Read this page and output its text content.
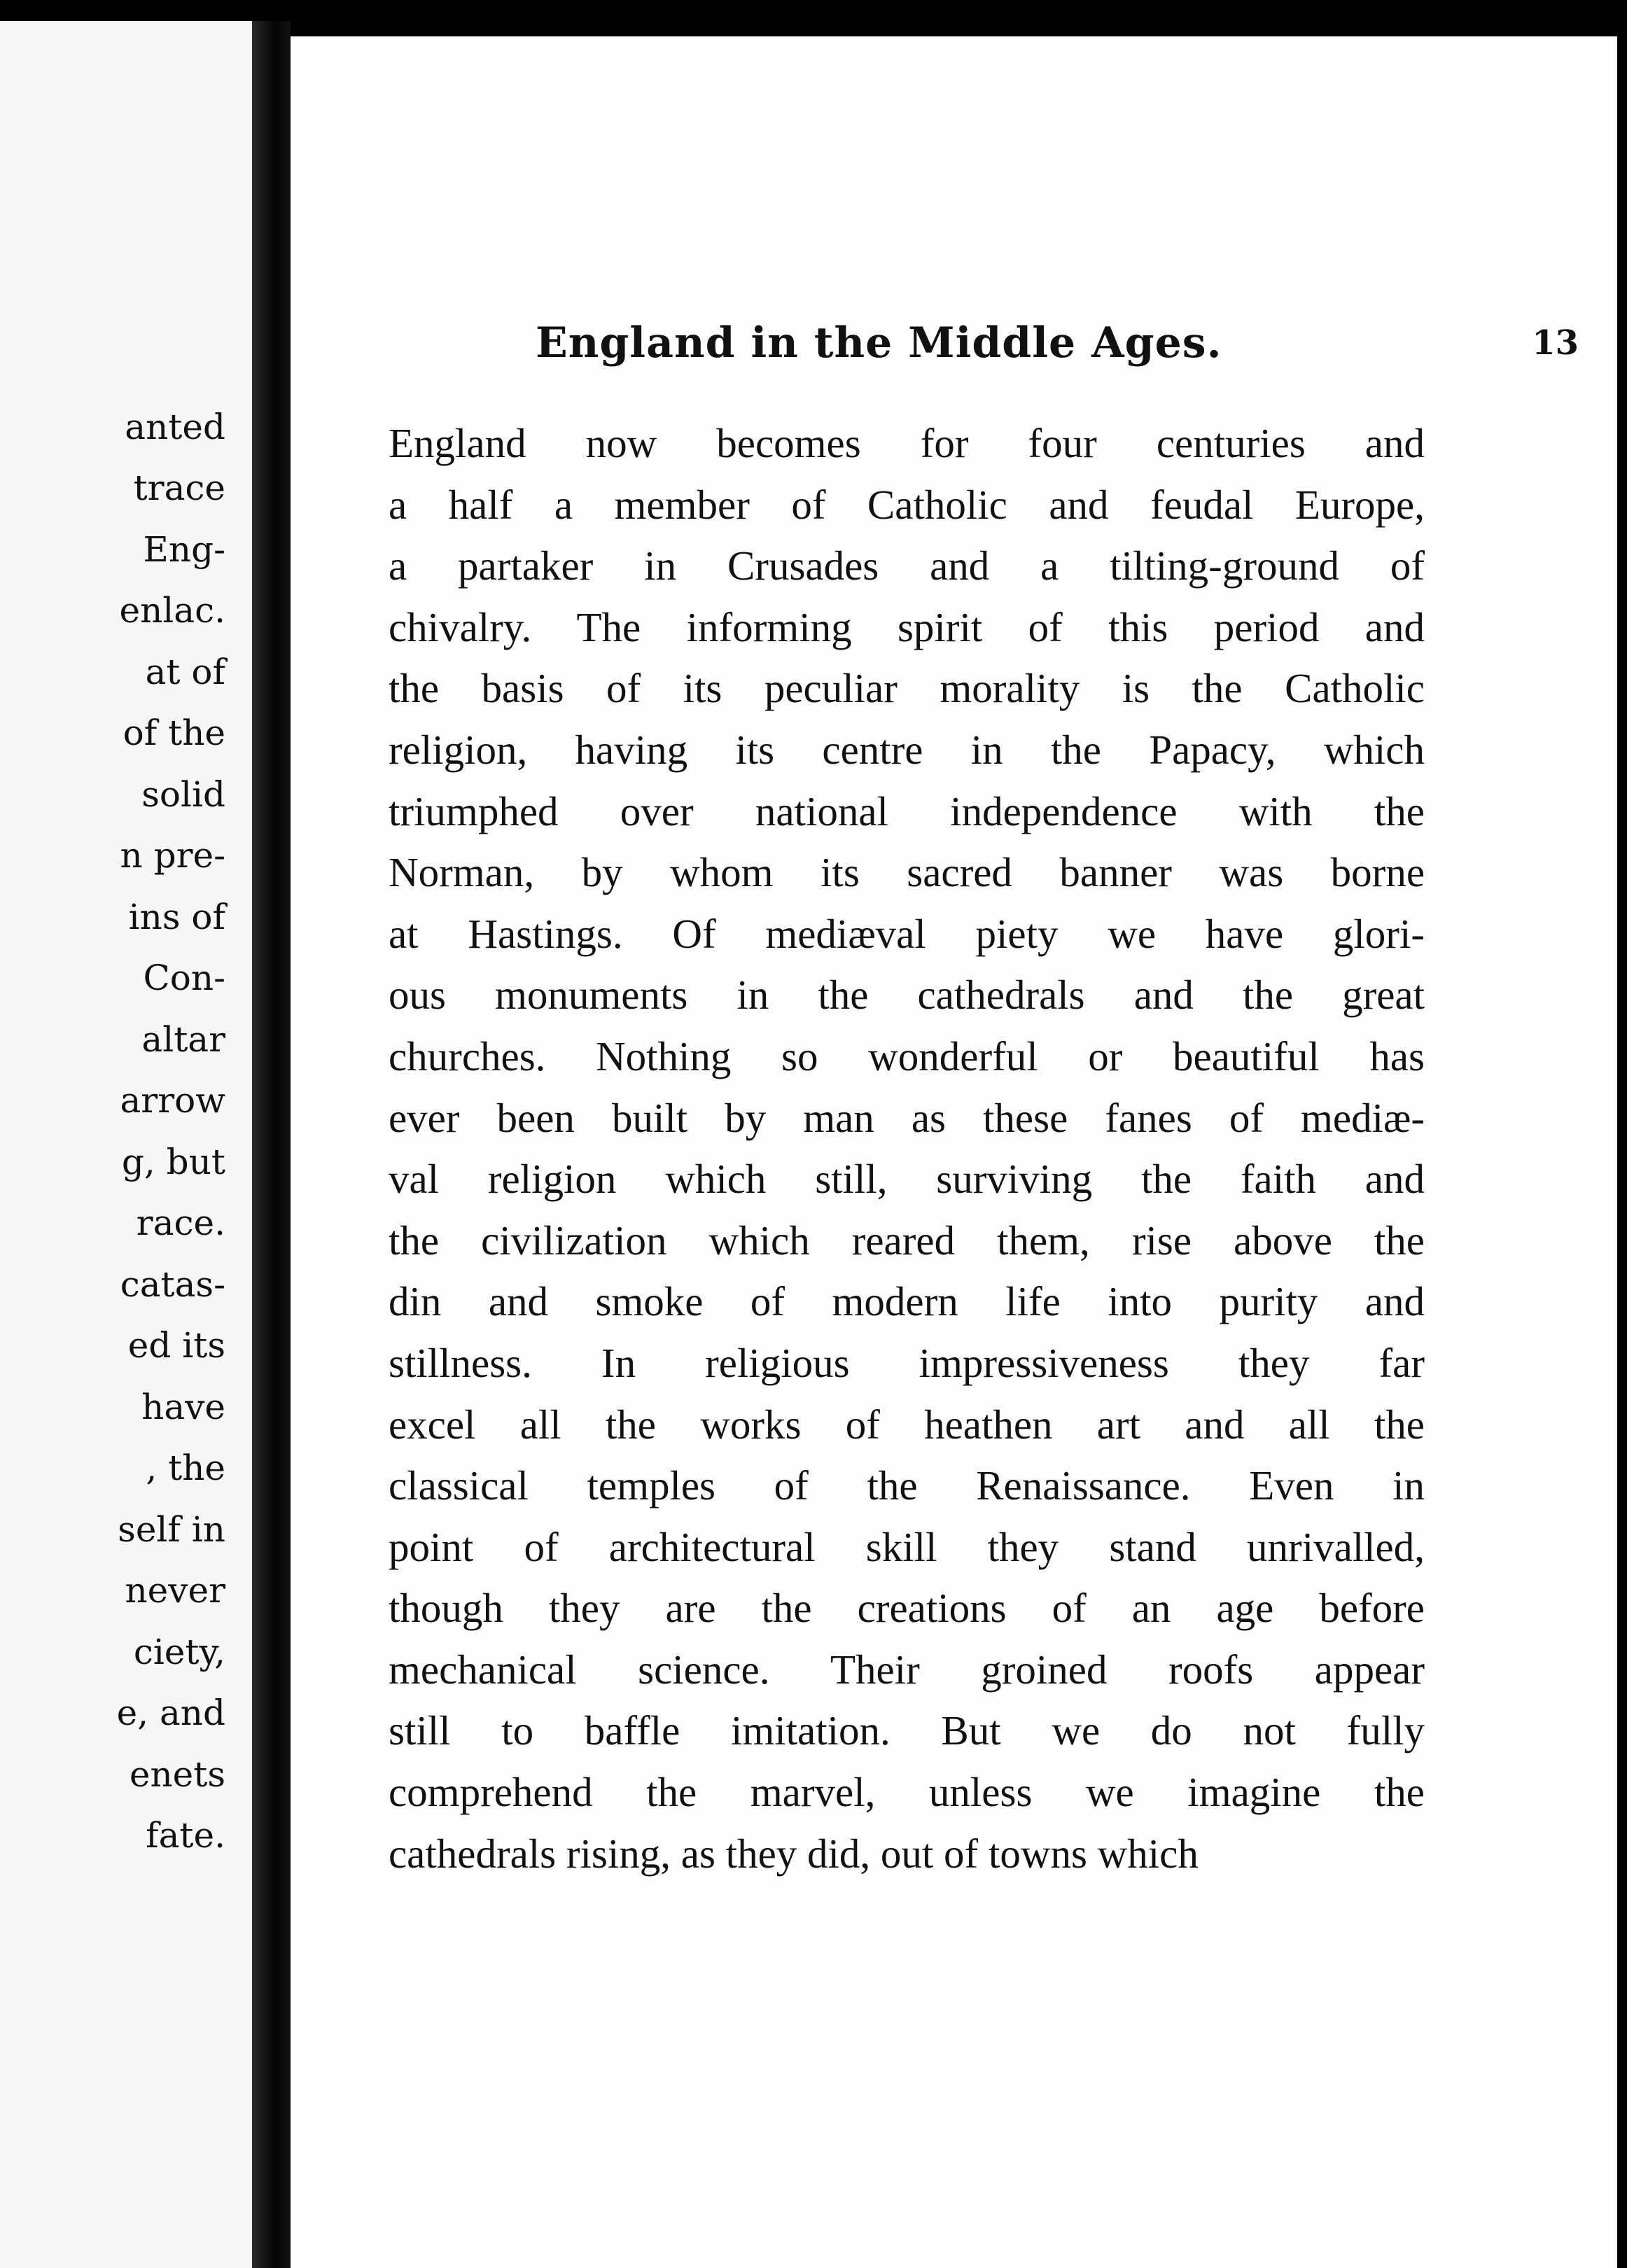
anted
trace
Eng-
enlac.
at of
of the
solid
n pre-
ins of
Con-
altar
arrow
g, but
race.
catas-
ed its
have
, the
self in
never
ciety,
e, and
enets
fate.
England in the Middle Ages.	13
England now becomes for four centuries and
a half a member of Catholic and feudal Europe,
a partaker in Crusades and a tilting-ground of
chivalry. The informing spirit of this period and
the basis of its peculiar morality is the Catholic
religion, having its centre in the Papacy, which
triumphed over national independence with the
Norman, by whom its sacred banner was borne
at Hastings. Of mediæval piety we have glori-
ous monuments in the cathedrals and the great
churches. Nothing so wonderful or beautiful has
ever been built by man as these fanes of mediæ-
val religion which still, surviving the faith and
the civilization which reared them, rise above the
din and smoke of modern life into purity and
stillness. In religious impressiveness they far
excel all the works of heathen art and all the
classical temples of the Renaissance. Even in
point of architectural skill they stand unrivalled,
though they are the creations of an age before
mechanical science. Their groined roofs appear
still to baffle imitation. But we do not fully
comprehend the marvel, unless we imagine the
cathedrals rising, as they did, out of towns which
